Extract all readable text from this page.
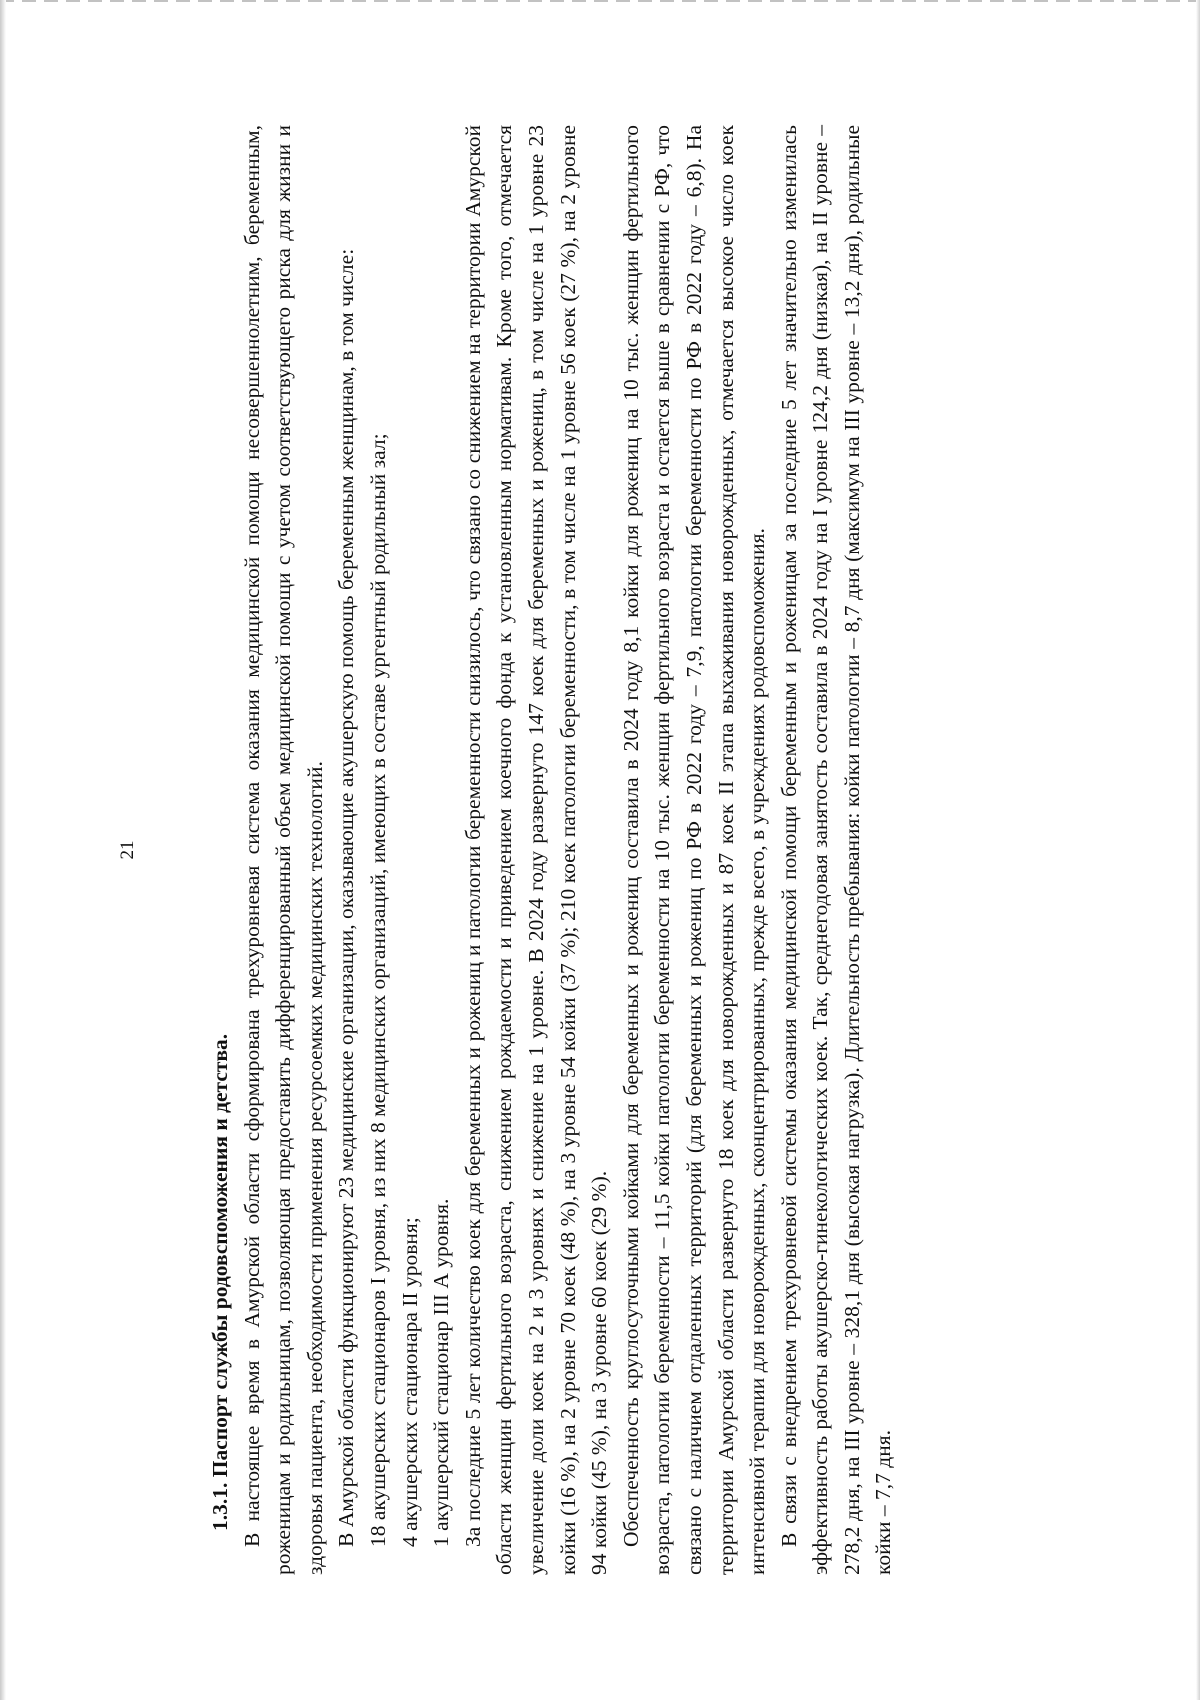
21

1.3.1. Паспорт службы родовспоможения и детства. В настоящее время в Амурской области сформирована трехуровневая система оказания медицинской помощи несовершеннолетним, беременным, роженицам и родильницам, позволяющая предоставить дифференцированный объем медицинской помощи с учетом соответствующего риска для жизни и здоровья пациента, необходимости применения ресурсоемких медицинских технологий. В Амурской области функционируют 23 медицинские организации, оказывающие акушерскую помощь беременным женщинам, в том числе: 18 акушерских стационаров I уровня, из них 8 медицинских организаций, имеющих в составе ургентный родильный зал; 4 акушерских стационара II уровня; 1 акушерский стационар III А уровня. За последние 5 лет количество коек для беременных и рожениц и патологии беременности снизилось, что связано со снижением на территории Амурской области женщин фертильного возраста, снижением рождаемости и приведением коечного фонда к установленным нормативам. Кроме того, отмечается увеличение доли коек на 2 и 3 уровнях и снижение на 1 уровне. В 2024 году развернуто 147 коек для беременных и рожениц, в том числе на 1 уровне 23 койки (16 %), на 2 уровне 70 коек (48 %), на 3 уровне 54 койки (37 %); 210 коек патологии беременности, в том числе на 1 уровне 56 коек (27 %), на 2 уровне 94 койки (45 %), на 3 уровне 60 коек (29 %). Обеспеченность круглосуточными койками для беременных и рожениц составила в 2024 году 8,1 койки для рожениц на 10 тыс. женщин фертильного возраста, патологии беременности – 11,5 койки патологии беременности на 10 тыс. женщин фертильного возраста и остается выше в сравнении с РФ, что связано с наличием отдаленных территорий (для беременных и рожениц по РФ в 2022 году – 7,9, патологии беременности по РФ в 2022 году – 6,8). На территории Амурской области развернуто 18 коек для новорожденных и 87 коек II этапа выхаживания новорожденных, отмечается высокое число коек интенсивной терапии для новорожденных, сконцентрированных, прежде всего, в учреждениях родовспоможения. В связи с внедрением трехуровневой системы оказания медицинской помощи беременным и роженицам за последние 5 лет значительно изменилась эффективность работы акушерско-гинекологических коек. Так, среднегодовая занятость составила в 2024 году на I уровне 124,2 дня (низкая), на II уровне – 278,2 дня, на III уровне – 328,1 дня (высокая нагрузка). Длительность пребывания: койки патологии – 8,7 дня (максимум на III уровне – 13,2 дня), родильные койки – 7,7 дня.
